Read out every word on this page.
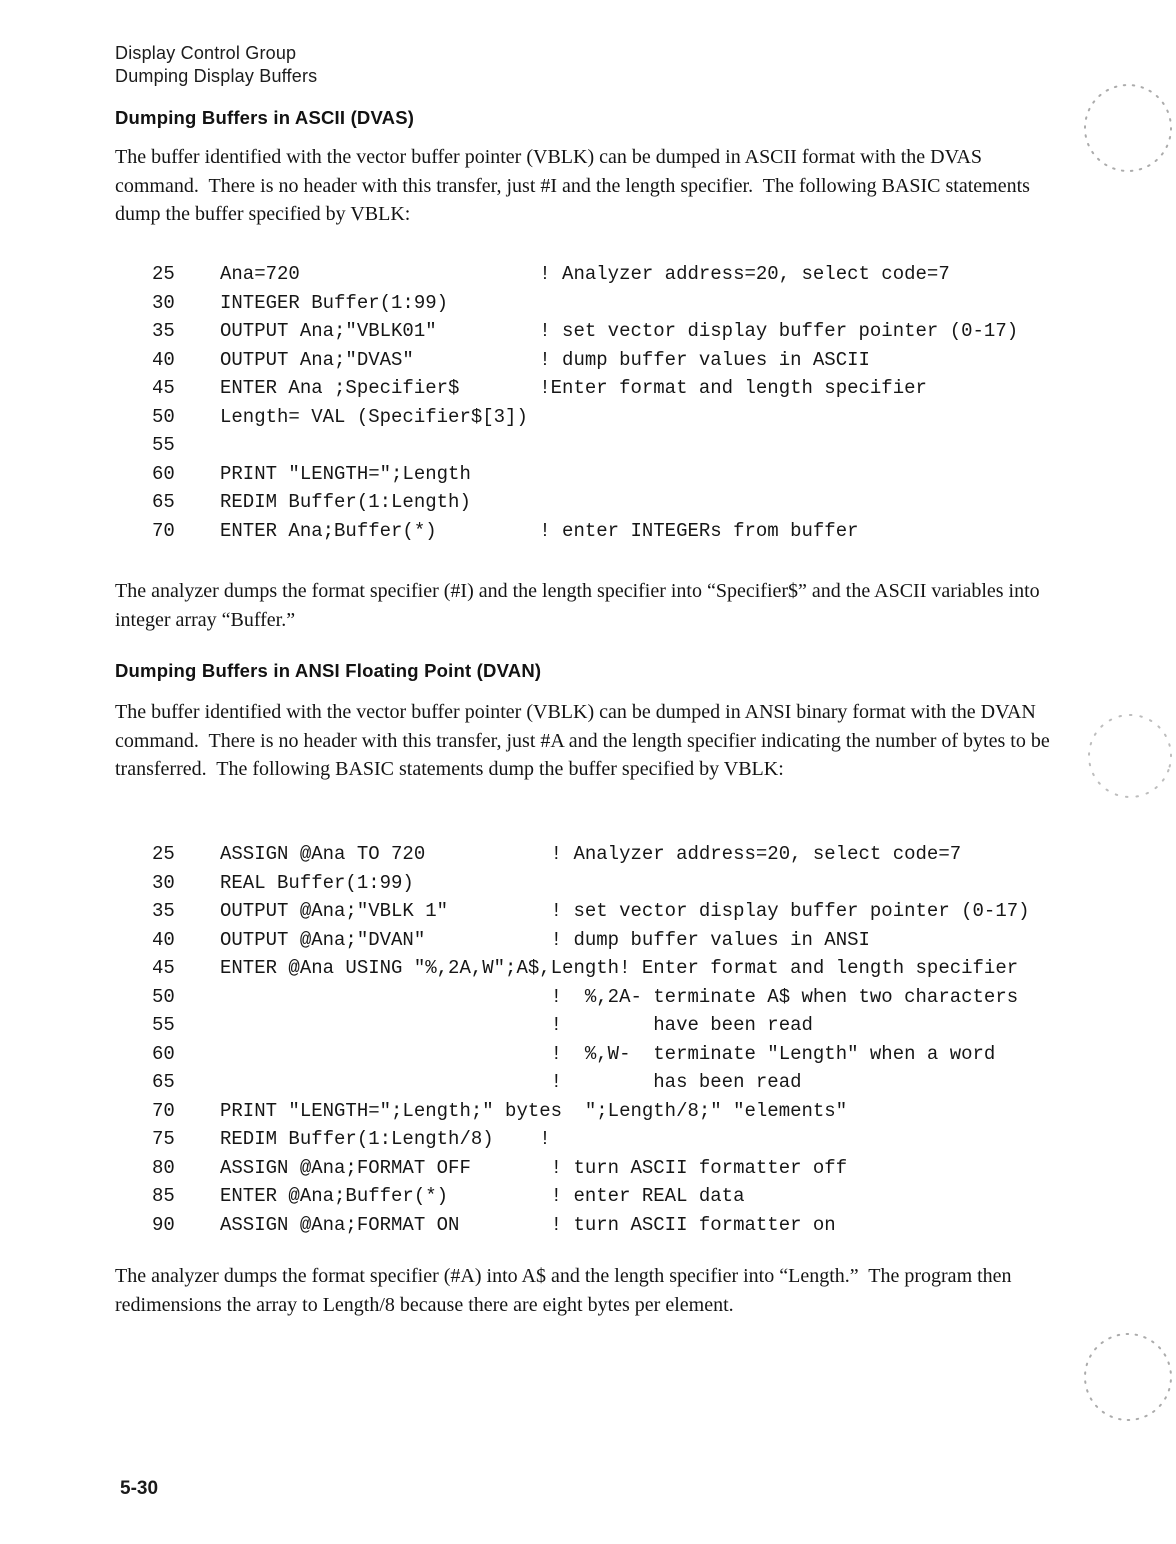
Display Control Group
Dumping Display Buffers
Dumping Buffers in ASCII (DVAS)
The buffer identified with the vector buffer pointer (VBLK) can be dumped in ASCII format with the DVAS command.  There is no header with this transfer, just #I and the length specifier.  The following BASIC statements dump the buffer specified by VBLK:
25 Ana=720                     ! Analyzer address=20, select code=7
30 INTEGER Buffer(1:99)
35 OUTPUT Ana;"VBLK01"         ! set vector display buffer pointer (0-17)
40 OUTPUT Ana;"DVAS"           ! dump buffer values in ASCII
45 ENTER Ana ;Specifier$       !Enter format and length specifier
50 Length= VAL (Specifier$[3])
55
60 PRINT "LENGTH=";Length
65 REDIM Buffer(1:Length)
70 ENTER Ana;Buffer(*)         ! enter INTEGERs from buffer
The analyzer dumps the format specifier (#I) and the length specifier into “Specifier$” and the ASCII variables into integer array “Buffer.”
Dumping Buffers in ANSI Floating Point (DVAN)
The buffer identified with the vector buffer pointer (VBLK) can be dumped in ANSI binary format with the DVAN command.  There is no header with this transfer, just #A and the length specifier indicating the number of bytes to be transferred.  The following BASIC statements dump the buffer specified by VBLK:
25 ASSIGN @Ana TO 720           ! Analyzer address=20, select code=7
30 REAL Buffer(1:99)
35 OUTPUT @Ana;"VBLK 1"         ! set vector display buffer pointer (0-17)
40 OUTPUT @Ana;"DVAN"           ! dump buffer values in ANSI
45 ENTER @Ana USING "%,2A,W";A$,Length! Enter format and length specifier
50                             !  %,2A- terminate A$ when two characters
55                             !        have been read
60                             !  %,W-  terminate "Length" when a word
65                             !        has been read
70 PRINT "LENGTH=";Length;" bytes  ";Length/8;" "elements"
75 REDIM Buffer(1:Length/8)    !
80 ASSIGN @Ana;FORMAT OFF       ! turn ASCII formatter off
85 ENTER @Ana;Buffer(*)         ! enter REAL data
90 ASSIGN @Ana;FORMAT ON        ! turn ASCII formatter on
The analyzer dumps the format specifier (#A) into A$ and the length specifier into “Length.”  The program then redimensions the array to Length/8 because there are eight bytes per element.
5-30
